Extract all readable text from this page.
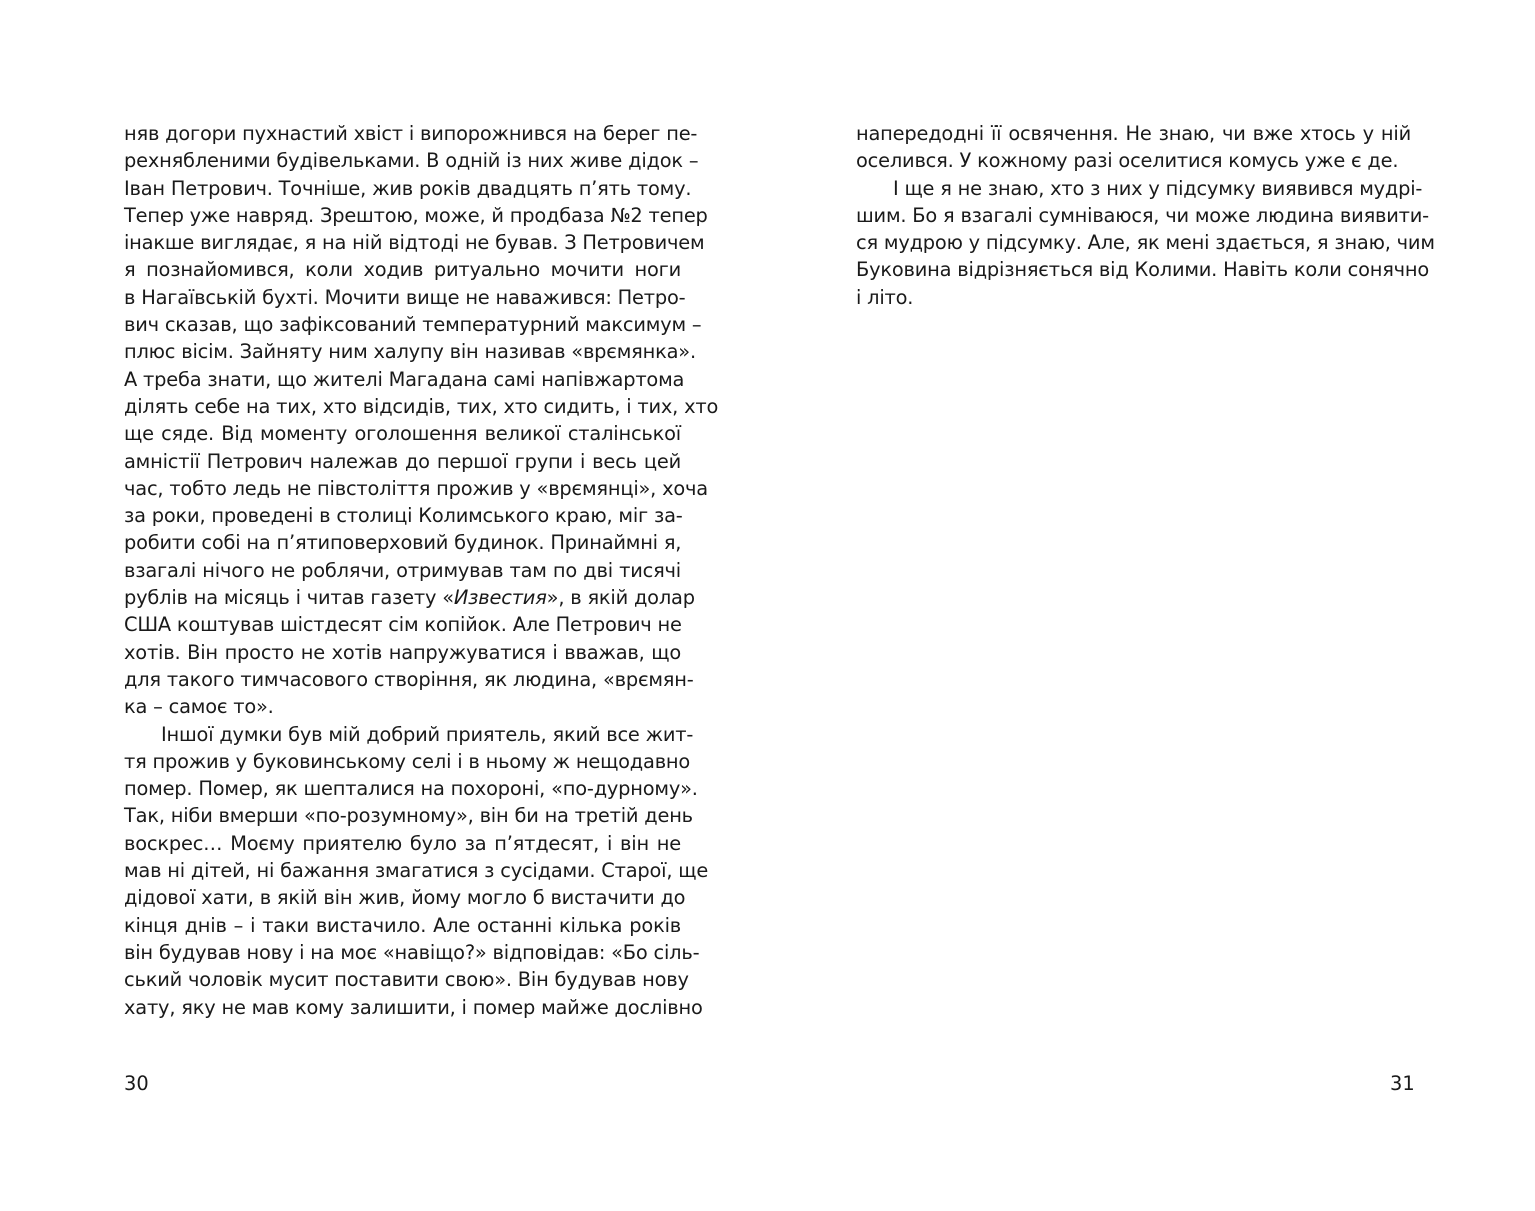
няв догори пухнастий хвіст і випорожнився на берег пе-
рехнябленими будівельками. В одній із них живе дідок –
Іван Петрович. Точніше, жив років двадцять п’ять тому.
Тепер уже навряд. Зрештою, може, й продбаза №2 тепер
інакше виглядає, я на ній відтоді не бував. З Петровичем
я познайомився, коли ходив ритуально мочити ноги
в Нагаївській бухті. Мочити вище не наважився: Петро-
вич сказав, що зафіксований температурний максимум –
плюс вісім. Зайняту ним халупу він називав «врємянка».
А треба знати, що жителі Магадана самі напівжартома
ділять себе на тих, хто відсидів, тих, хто сидить, і тих, хто
ще сяде. Від моменту оголошення великої сталінської
амністії Петрович належав до першої групи і весь цей
час, тобто ледь не півстоліття прожив у «врємянці», хоча
за роки, проведені в столиці Колимського краю, міг за-
робити собі на п’ятиповерховий будинок. Принаймні я,
взагалі нічого не роблячи, отримував там по дві тисячі
рублів на місяць і читав газету «Известия», в якій долар
США коштував шістдесят сім копійок. Але Петрович не
хотів. Він просто не хотів напружуватися і вважав, що
для такого тимчасового створіння, як людина, «врємян-
ка – самоє то».
Іншої думки був мій добрий приятель, який все жит-
тя прожив у буковинському селі і в ньому ж нещодавно
помер. Помер, як шепталися на похороні, «по-дурному».
Так, ніби вмерши «по-розумному», він би на третій день
воскрес… Моєму приятелю було за п’ятдесят, і він не
мав ні дітей, ні бажання змагатися з сусідами. Старої, ще
дідової хати, в якій він жив, йому могло б вистачити до
кінця днів – і таки вистачило. Але останні кілька років
він будував нову і на моє «навіщо?» відповідав: «Бо сіль-
ський чоловік мусит поставити свою». Він будував нову
хату, яку не мав кому залишити, і помер майже дослівно
30
напередодні її освячення. Не знаю, чи вже хтось у ній
оселився. У кожному разі оселитися комусь уже є де.
І ще я не знаю, хто з них у підсумку виявився мудрі-
шим. Бо я взагалі сумніваюся, чи може людина виявити-
ся мудрою у підсумку. Але, як мені здається, я знаю, чим
Буковина відрізняється від Колими. Навіть коли сонячно
і літо.
31
